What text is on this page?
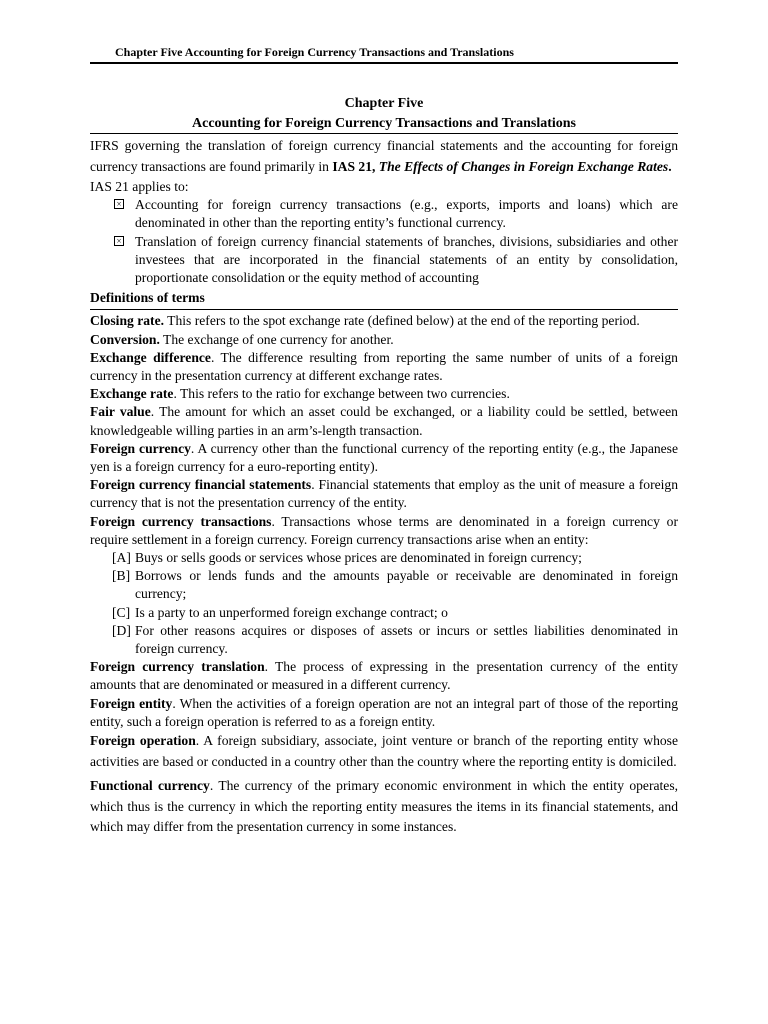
Chapter Five Accounting for Foreign Currency Transactions and Translations
Chapter Five
Accounting for Foreign Currency Transactions and Translations

IFRS governing the translation of foreign currency financial statements and the accounting for foreign currency transactions are found primarily in IAS 21, The Effects of Changes in Foreign Exchange Rates.

IAS 21 applies to:

× Accounting for foreign currency transactions (e.g., exports, imports and loans) which are denominated in other than the reporting entity’s functional currency.
× Translation of foreign currency financial statements of branches, divisions, subsidiaries and other investees that are incorporated in the financial statements of an entity by consolidation, proportionate consolidation or the equity method of accounting
Definitions of terms

Closing rate. This refers to the spot exchange rate (defined below) at the end of the reporting period.

Conversion. The exchange of one currency for another.

Exchange difference. The difference resulting from reporting the same number of units of a foreign currency in the presentation currency at different exchange rates.

Exchange rate. This refers to the ratio for exchange between two currencies.

Fair value. The amount for which an asset could be exchanged, or a liability could be settled, between knowledgeable willing parties in an arm’s-length transaction.

Foreign currency. A currency other than the functional currency of the reporting entity (e.g., the Japanese yen is a foreign currency for a euro-reporting entity).

Foreign currency financial statements. Financial statements that employ as the unit of measure a foreign currency that is not the presentation currency of the entity.

Foreign currency transactions. Transactions whose terms are denominated in a foreign currency or require settlement in a foreign currency. Foreign currency transactions arise when an entity:

[A] Buys or sells goods or services whose prices are denominated in foreign currency;
[B] Borrows or lends funds and the amounts payable or receivable are denominated in foreign currency;
[C] Is a party to an unperformed foreign exchange contract; o
[D] For other reasons acquires or disposes of assets or incurs or settles liabilities denominated in foreign currency.

Foreign currency translation. The process of expressing in the presentation currency of the entity amounts that are denominated or measured in a different currency.

Foreign entity. When the activities of a foreign operation are not an integral part of those of the reporting entity, such a foreign operation is referred to as a foreign entity.

Foreign operation. A foreign subsidiary, associate, joint venture or branch of the reporting entity whose activities are based or conducted in a country other than the country where the reporting entity is domiciled.

Functional currency. The currency of the primary economic environment in which the entity operates, which thus is the currency in which the reporting entity measures the items in its financial statements, and which may differ from the presentation currency in some instances.
